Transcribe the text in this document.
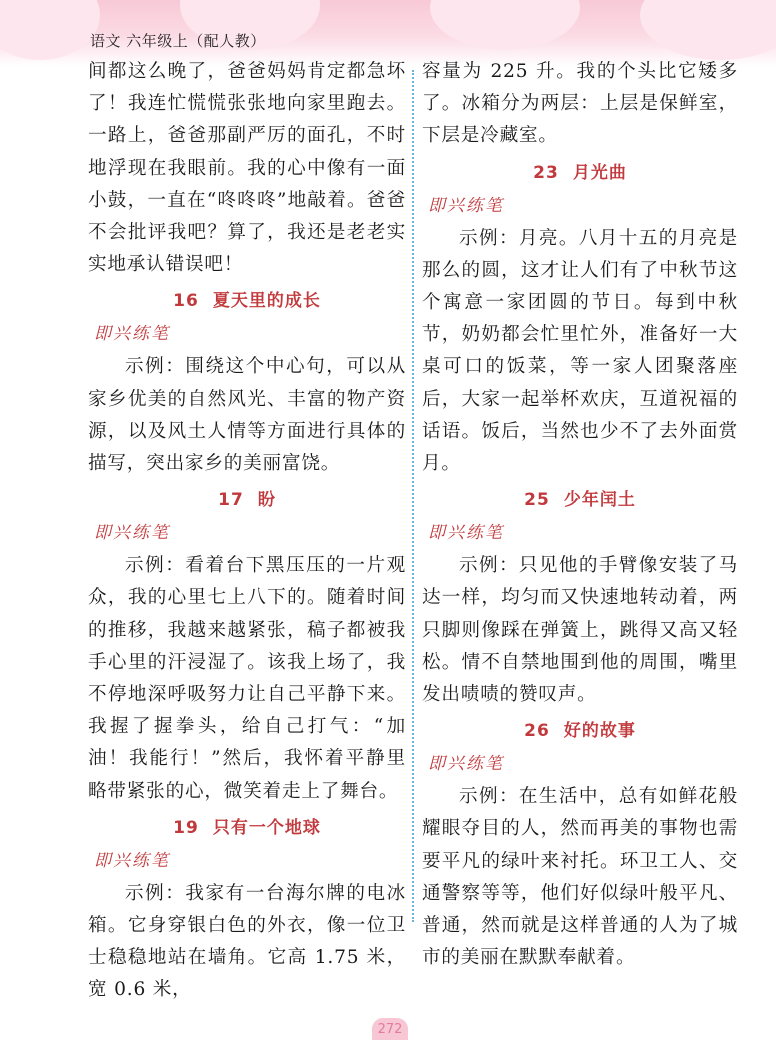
语文 六年级上（配人教）

间都这么晚了，爸爸妈妈肯定都急坏了！我连忙慌慌张张地向家里跑去。一路上，爸爸那副严厉的面孔，不时地浮现在我眼前。我的心中像有一面小鼓，一直在“咚咚咚”地敲着。爸爸不会批评我吧？算了，我还是老老实实地承认错误吧！

16 夏天里的成长
即兴练笔

示例：围绕这个中心句，可以从家乡优美的自然风光、丰富的物产资源，以及风土人情等方面进行具体的描写，突出家乡的美丽富饶。

17 盼
即兴练笔

示例：看着台下黑压压的一片观众，我的心里七上八下的。随着时间的推移，我越来越紧张，稿子都被我手心里的汗浸湿了。该我上场了，我不停地深呼吸努力让自己平静下来。我握了握拳头，给自己打气：“加油！我能行！”然后，我怀着平静里略带紧张的心，微笑着走上了舞台。

19 只有一个地球
即兴练笔

示例：我家有一台海尔牌的电冰箱。它身穿银白色的外衣，像一位卫士稳稳地站在墙角。它高 1.75 米，宽 0.6 米，

容量为 225 升。我的个头比它矮多了。冰箱分为两层：上层是保鲜室，下层是冷藏室。

23 月光曲
即兴练笔

示例：月亮。八月十五的月亮是那么的圆，这才让人们有了中秋节这个寓意一家团圆的节日。每到中秋节，奶奶都会忙里忙外，准备好一大桌可口的饭菜，等一家人团聚落座后，大家一起举杯欢庆，互道祝福的话语。饭后，当然也少不了去外面赏月。

25 少年闰土
即兴练笔

示例：只见他的手臂像安装了马达一样，均匀而又快速地转动着，两只脚则像踩在弹簧上，跳得又高又轻松。情不自禁地围到他的周围，嘴里发出啧啧的赞叹声。

26 好的故事
即兴练笔

示例：在生活中，总有如鲜花般耀眼夺目的人，然而再美的事物也需要平凡的绿叶来衬托。环卫工人、交通警察等等，他们好似绿叶般平凡、普通，然而就是这样普通的人为了城市的美丽在默默奉献着。

272
